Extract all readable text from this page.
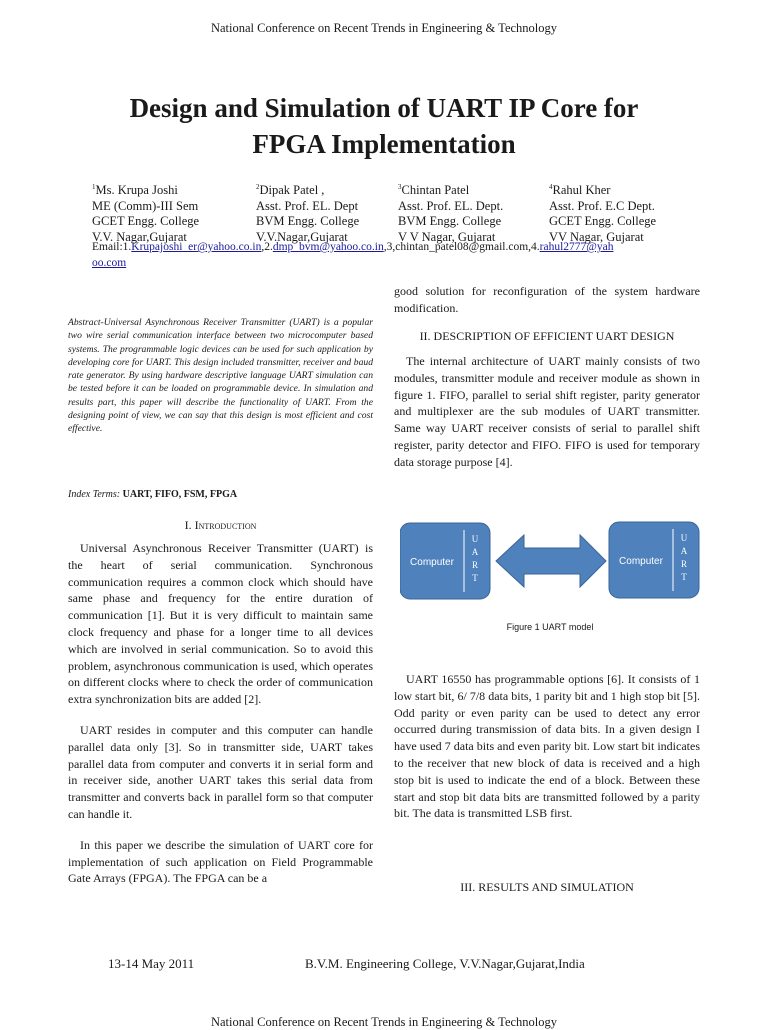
National Conference on Recent Trends in Engineering & Technology
Design and Simulation of UART IP Core for
FPGA Implementation
$^1$Ms. Krupa Joshi
ME (Comm)-III Sem
GCET Engg. College
V.V. Nagar,Gujarat
$^2$Dipak Patel ,
Asst. Prof. EL. Dept
BVM Engg. College
V.V.Nagar,Gujarat
$^3$Chintan Patel
Asst. Prof. EL. Dept.
BVM Engg. College
V V Nagar, Gujarat
$^4$Rahul Kher
Asst. Prof. E.C Dept.
GCET Engg. College
VV Nagar, Gujarat
Email:1.Krupajoshi_er@yahoo.co.in,2.dmp_bvm@yahoo.co.in,3,chintan_patel08@gmail.com,4.rahul2777@yah
oo.com
Abstract-Universal Asynchronous Receiver Transmitter (UART) is a popular two wire serial communication interface between two microcomputer based systems. The programmable logic devices can be used for such application by developing core for UART. This design included transmitter, receiver and baud rate generator. By using hardware descriptive language UART simulation can be tested before it can be loaded on programmable device. In simulation and results part, this paper will describe the functionality of UART. From the designing point of view, we can say that this design is most efficient and cost effective.
Index Terms: UART, FIFO, FSM, FPGA
I. Introduction

Universal Asynchronous Receiver Transmitter (UART) is the heart of serial communication. Synchronous communication requires a common clock which should have same phase and frequency for the entire duration of communication [1]. But it is very difficult to maintain same clock frequency and phase for a longer time to all devices which are involved in serial communication. So to avoid this problem, asynchronous communication is used, which operates on different clocks where to check the order of communication extra synchronization bits are added [2].

UART resides in computer and this computer can handle parallel data only [3]. So in transmitter side, UART takes parallel data from computer and converts it in serial form and in receiver side, another UART takes this serial data from transmitter and converts back in parallel form so that computer can handle it.

In this paper we describe the simulation of UART core for implementation of such application on Field Programmable Gate Arrays (FPGA). The FPGA can be a

good solution for reconfiguration of the system hardware modification.
II. DESCRIPTION OF EFFICIENT UART DESIGN
The internal architecture of UART mainly consists of two modules, transmitter module and receiver module as shown in figure 1. FIFO, parallel to serial shift register, parity generator and multiplexer are the sub modules of UART transmitter. Same way UART receiver consists of serial to parallel shift register, parity detector and FIFO. FIFO is used for temporary data storage purpose [4].
Computer
U
A
R
T
Computer
U
A
R
T
Figure 1 UART model
UART 16550 has programmable options [6]. It consists of 1 low start bit, 6/ 7/8 data bits, 1 parity bit and 1 high stop bit [5]. Odd parity or even parity can be used to detect any error occurred during transmission of data bits. In a given design I have used 7 data bits and even parity bit. Low start bit indicates to the receiver that new block of data is received and a high stop bit is used to indicate the end of a block. Between these start and stop bit data bits are transmitted followed by a parity bit. The data is transmitted LSB first.
III. RESULTS AND SIMULATION
13-14 May 2011	B.V.M. Engineering College, V.V.Nagar,Gujarat,India
National Conference on Recent Trends in Engineering & Technology
